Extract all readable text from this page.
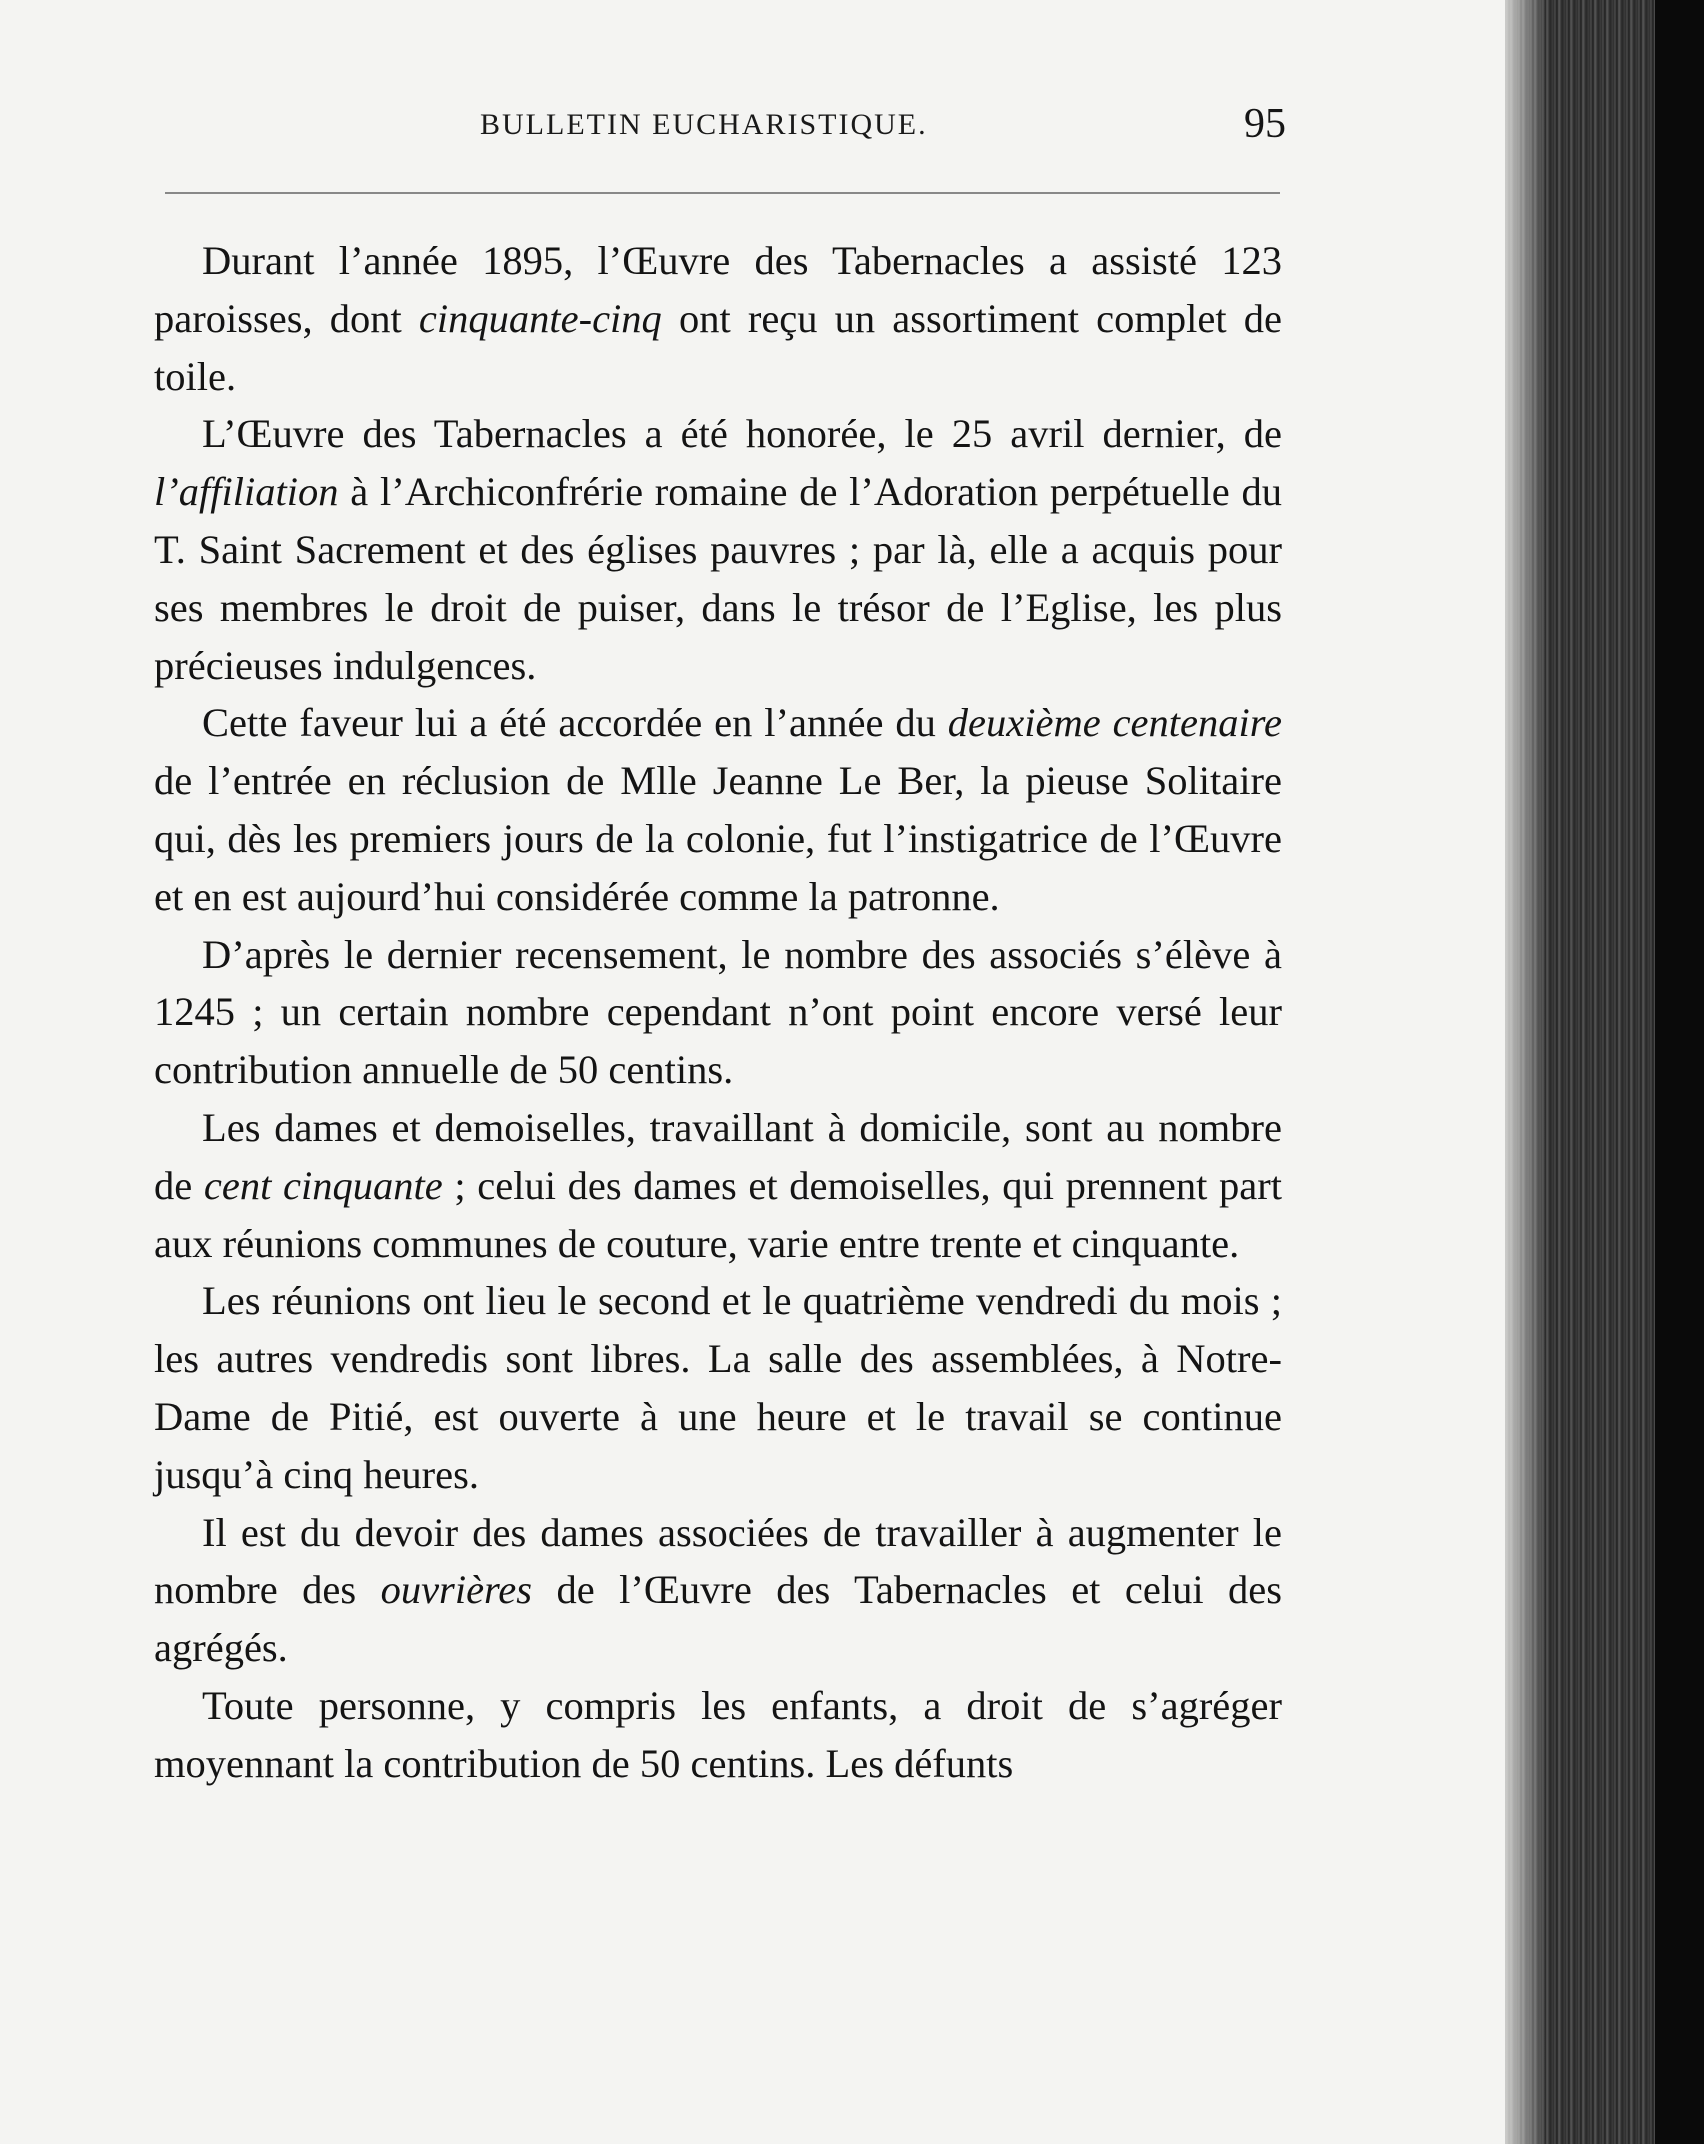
BULLETIN EUCHARISTIQUE.	95

Durant l’année 1895, l’Œuvre des Tabernacles a assisté 123 paroisses, dont cinquante-cinq ont reçu un assortiment complet de toile.

L’Œuvre des Tabernacles a été honorée, le 25 avril dernier, de l’affiliation à l’Archiconfrérie romaine de l’Adoration perpétuelle du T. Saint Sacrement et des églises pauvres ; par là, elle a acquis pour ses membres le droit de puiser, dans le trésor de l’Eglise, les plus précieuses indulgences.

Cette faveur lui a été accordée en l’année du deuxième centenaire de l’entrée en réclusion de Mlle Jeanne Le Ber, la pieuse Solitaire qui, dès les premiers jours de la colonie, fut l’instigatrice de l’Œuvre et en est aujourd’hui considérée comme la patronne.

D’après le dernier recensement, le nombre des associés s’élève à 1245 ; un certain nombre cependant n’ont point encore versé leur contribution annuelle de 50 centins.

Les dames et demoiselles, travaillant à domicile, sont au nombre de cent cinquante ; celui des dames et demoiselles, qui prennent part aux réunions communes de couture, varie entre trente et cinquante.

Les réunions ont lieu le second et le quatrième vendredi du mois ; les autres vendredis sont libres. La salle des assemblées, à Notre-Dame de Pitié, est ouverte à une heure et le travail se continue jusqu’à cinq heures.

Il est du devoir des dames associées de travailler à augmenter le nombre des ouvrières de l’Œuvre des Tabernacles et celui des agrégés.

Toute personne, y compris les enfants, a droit de s’agréger moyennant la contribution de 50 centins. Les défunts
